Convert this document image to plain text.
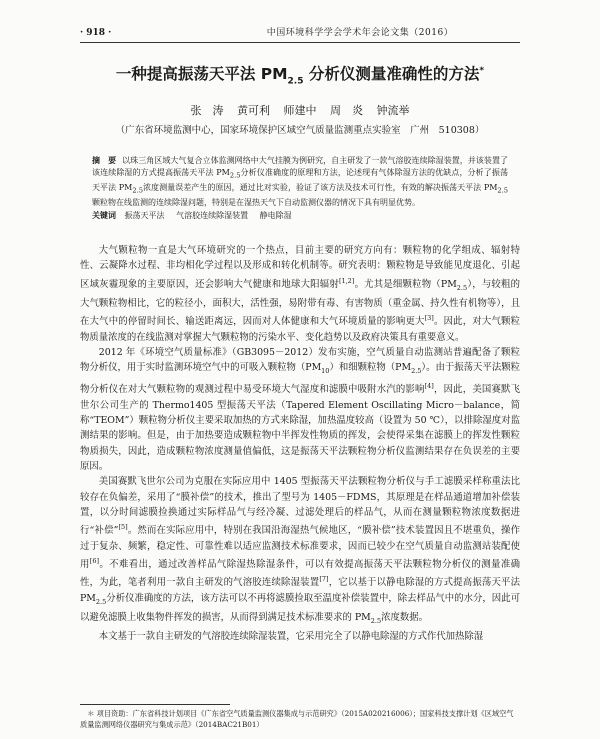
· 918 ·	中国环境科学学会学术年会论文集（2016）
一种提高振荡天平法 $PM_{2.5}$ 分析仪测量准确性的方法*
张　涛 黄可利 师建中 周　炎 钟流举
（广东省环境监测中心，国家环境保护区域空气质量监测重点实验室　广州　510308）
摘　要 以珠三角区域大气复合立体监测网络中大气挂膜为例研究，自主研发了一款气溶胶连续除湿装置，并该装置了该连续除湿的方式提高振荡天平法 $PM_{2.5}$分析仪准确度的原理和方法，论述现有气体除湿方法的优缺点，分析了振荡天平法 $PM_{2.5}$浓度测量误差产生的原因，通过比对实验，验证了该方法及技术可行性，有效的解决振荡天平法 $PM_{2.5}$颗粒物在线监测的连续除湿问题，特别是在湿热天气下自动监测仪器的情况下具有明显优势。
关键词 振荡天平法 气溶胶连续除湿装置 静电除湿

大气颗粒物一直是大气环境研究的一个热点，目前主要的研究方向有：颗粒物的化学组成、辐射特性、云凝降水过程、非均相化学过程以及形成和转化机制等。研究表明：颗粒物是导致能见度退化、引起区域灰霾现象的主要原因，还会影响大气健康和地球大阳辐射[1,2]。尤其是细颗粒物$(PM_{2.5})$，与较粗的大气颗粒物相比，它的粒径小，面积大，活性强，易附带有毒、有害物质（重金属、持久性有机物等），且在大气中的停留时间长、输送距离远，因而对人体健康和大气环境质量的影响更大[3]。因此，对大气颗粒物质量浓度的在线监测对掌握大气颗粒物的污染水平、变化趋势以及政府决策具有重要意义。

2012 年《环境空气质量标准》（GB3095－2012）发布实施，空气质量自动监测站普遍配备了颗粒物分析仪，用于实时监测环境空气中的可吸入颗粒物$(PM_{10})$和细颗粒物$(PM_{2.5})$。由于振荡天平法颗粒物分析仪在对大气颗粒物的观测过程中易受环境大气湿度和滤膜中吸附水汽的影响[4]，因此，美国赛默飞世尔公司生产的 Thermo1405 型振荡天平法（Tapered Element Oscillating Micro－balance，简称“TEOM”）颗粒物分析仪主要采取加热的方式来除湿，加热温度较高（设置为 50 ℃），以排除湿度对监测结果的影响。但是，由于加热要造成颗粒物中半挥发性物质的挥发，会使得采集在滤膜上的挥发性颗粒物质损失，因此，造成颗粒物浓度测量值偏低，这是振荡天平法颗粒物分析仪监测结果存在负误差的主要原因。

美国赛默飞世尔公司为克服在实际应用中 1405 型振荡天平法颗粒物分析仪与手工滤膜采样称重法比较存在负偏差，采用了“膜补偿”的技术，推出了型号为 1405－FDMS，其原理是在样品通道增加补偿装置，以分时间滤膜捡换通过实际样品气与经冷凝、过滤处理后的样品气，从而在测量颗粒物浓度数据进行“补偿”[5]。然而在实际应用中，特别在我国沿海湿热气候地区，“膜补偿”技术装置因且不堪重负，操作过于复杂、频繁，稳定性、可靠性难以适应监测技术标准要求，因而已较少在空气质量自动监测站装配使用[6]。不难看出，通过改善样品气除湿热除湿条件，可以有效提高振荡天平法颗粒物分析仪的测量准确性，为此，笔者利用一款自主研发的气溶胶连续除湿装置[7]，它以基于以静电除湿的方式提高振荡天平法 $PM_{2.5}$分析仪准确度的方法，该方法可以不再将滤膜捡取至温度补偿装置中，除去样品气中的水分，因此可以避免滤膜上收集物件挥发的损害，从而得到满足技术标准要求的 $PM_{2.5}$浓度数据。

本文基于一款自主研发的气溶胶连续除湿装置，它采用完全了以静电除湿的方式作代加热除湿

＊ 项目资助：广东省科技计划项目《广东省空气质量监测仪器集成与示范研究》（2015A020216006）；国家科技支撑计划《区域空气质量监测网络仪器研究与集成示范》（2014BAC21B01）
